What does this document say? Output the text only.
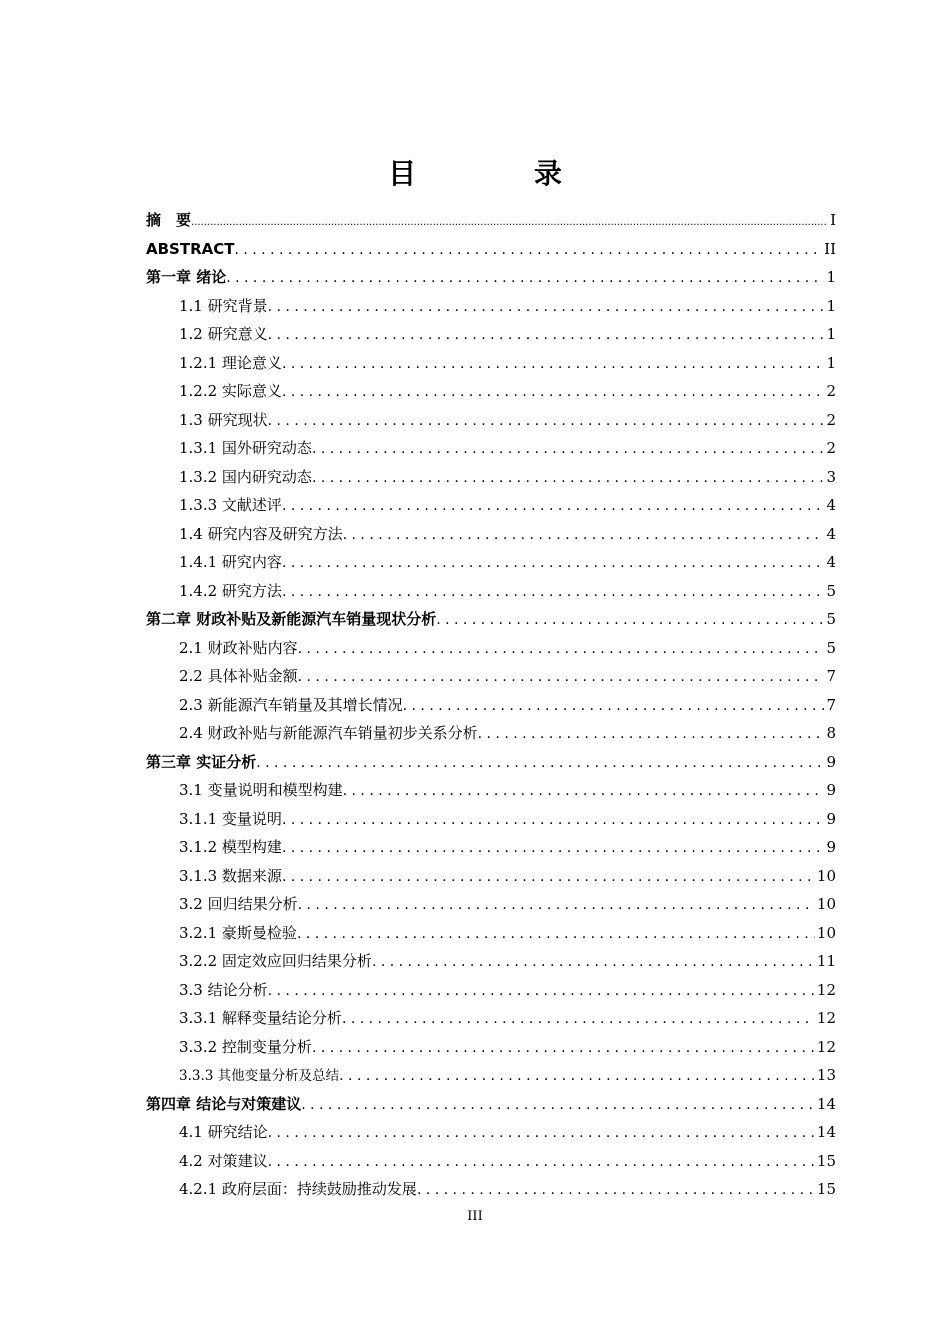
目 录
摘　要 .....	I
ABSTRACT . . .	II
第一章 绪论 . . .	1
1.1 研究背景 . . .	1
1.2 研究意义 . . .	1
1.2.1 理论意义 . . .	1
1.2.2 实际意义 . . .	2
1.3 研究现状 . . .	2
1.3.1 国外研究动态 . . .	2
1.3.2 国内研究动态 . . .	3
1.3.3 文献述评 . . .	4
1.4 研究内容及研究方法 . . .	4
1.4.1 研究内容 . . .	4
1.4.2 研究方法 . . .	5
第二章 财政补贴及新能源汽车销量现状分析 . . .	5
2.1 财政补贴内容 . . .	5
2.2 具体补贴金额 . . .	7
2.3 新能源汽车销量及其增长情况 . . .	7
2.4 财政补贴与新能源汽车销量初步关系分析 . . .	8
第三章 实证分析 . . .	9
3.1 变量说明和模型构建 . . .	9
3.1.1 变量说明 . . .	9
3.1.2 模型构建 . . .	9
3.1.3 数据来源 . . .	10
3.2 回归结果分析 . . .	10
3.2.1 豪斯曼检验 . . .	10
3.2.2 固定效应回归结果分析 . . .	11
3.3 结论分析 . . .	12
3.3.1 解释变量结论分析 . . .	12
3.3.2 控制变量分析 . . .	12
3.3.3 其他变量分析及总结 . . .	13
第四章 结论与对策建议 . . .	14
4.1 研究结论 . . .	14
4.2 对策建议 . . .	15
4.2.1 政府层面：持续鼓励推动发展 . . .	15
III
